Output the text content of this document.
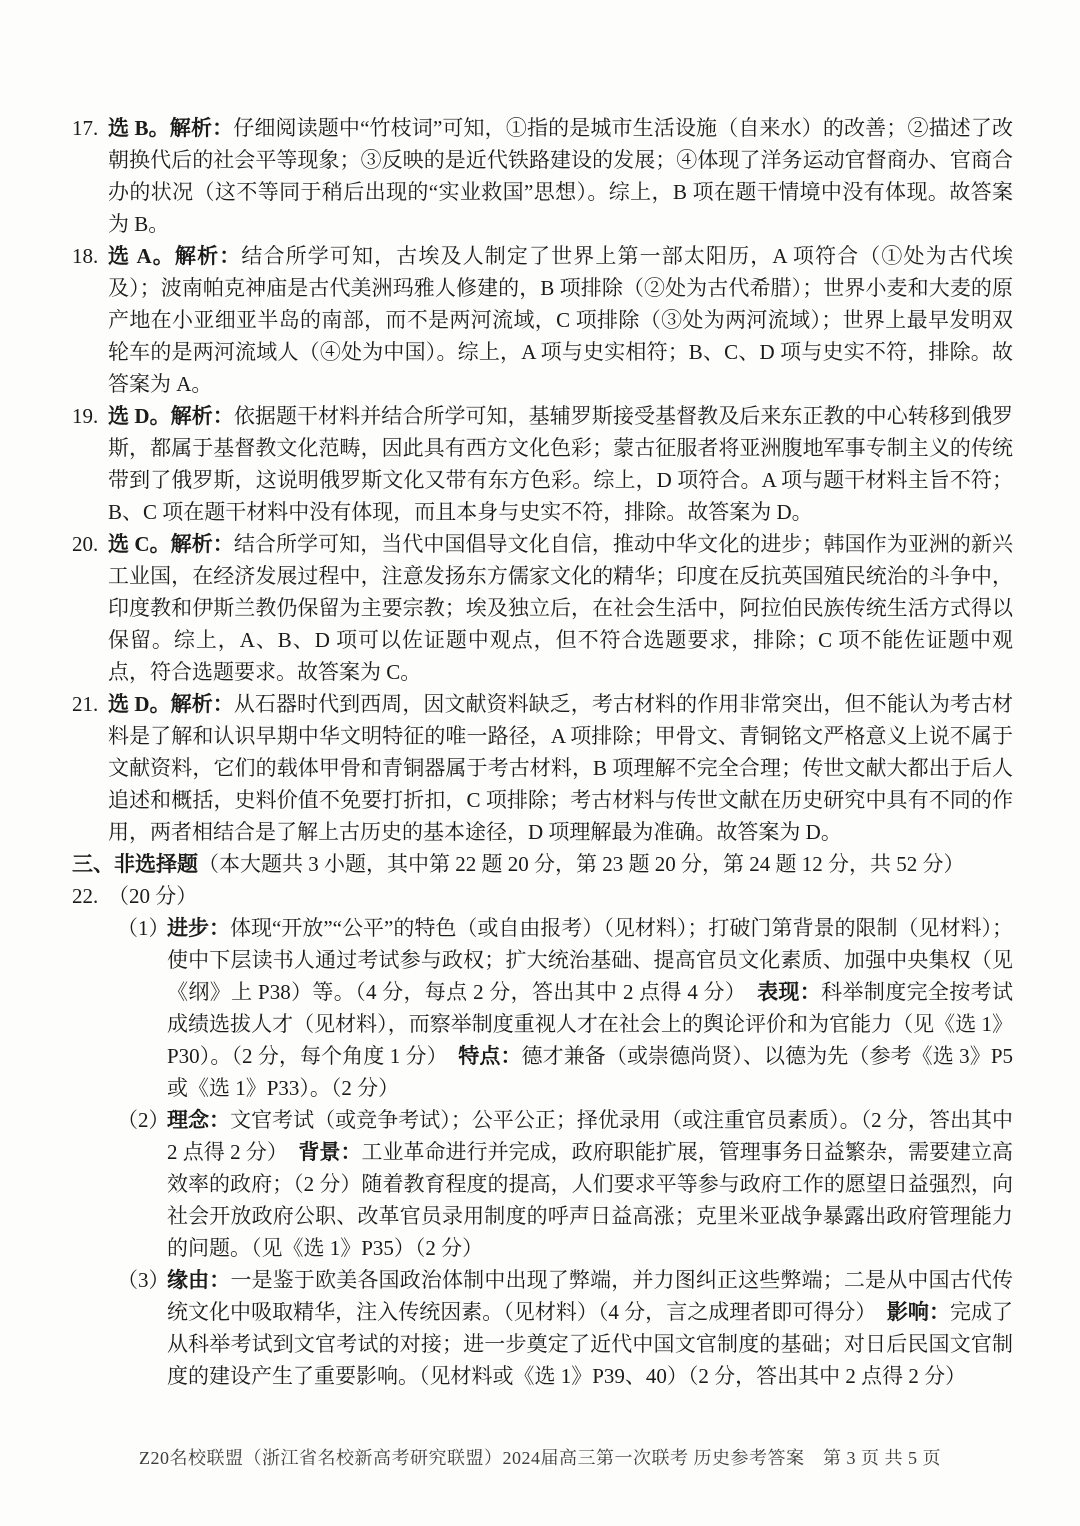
17. 选 B。解析：仔细阅读题中“竹枝词”可知，①指的是城市生活设施（自来水）的改善；②描述了改朝换代后的社会平等现象；③反映的是近代铁路建设的发展；④体现了洋务运动官督商办、官商合办的状况（这不等同于稍后出现的“实业救国”思想）。综上，B 项在题干情境中没有体现。故答案为 B。
18. 选 A。解析：结合所学可知，古埃及人制定了世界上第一部太阳历，A 项符合（①处为古代埃及）；波南帕克神庙是古代美洲玛雅人修建的，B 项排除（②处为古代希腊）；世界小麦和大麦的原产地在小亚细亚半岛的南部，而不是两河流域，C 项排除（③处为两河流域）；世界上最早发明双轮车的是两河流域人（④处为中国）。综上，A 项与史实相符；B、C、D 项与史实不符，排除。故答案为 A。
19. 选 D。解析：依据题干材料并结合所学可知，基辅罗斯接受基督教及后来东正教的中心转移到俄罗斯，都属于基督教文化范畴，因此具有西方文化色彩；蒙古征服者将亚洲腹地军事专制主义的传统带到了俄罗斯，这说明俄罗斯文化又带有东方色彩。综上，D 项符合。A 项与题干材料主旨不符；B、C 项在题干材料中没有体现，而且本身与史实不符，排除。故答案为 D。
20. 选 C。解析：结合所学可知，当代中国倡导文化自信，推动中华文化的进步；韩国作为亚洲的新兴工业国，在经济发展过程中，注意发扬东方儒家文化的精华；印度在反抗英国殖民统治的斗争中，印度教和伊斯兰教仍保留为主要宗教；埃及独立后，在社会生活中，阿拉伯民族传统生活方式得以保留。综上，A、B、D 项可以佐证题中观点，但不符合选题要求，排除；C 项不能佐证题中观点，符合选题要求。故答案为 C。
21. 选 D。解析：从石器时代到西周，因文献资料缺乏，考古材料的作用非常突出，但不能认为考古材料是了解和认识早期中华文明特征的唯一路径，A 项排除；甲骨文、青铜铭文严格意义上说不属于文献资料，它们的载体甲骨和青铜器属于考古材料，B 项理解不完全合理；传世文献大都出于后人追述和概括，史料价值不免要打折扣，C 项排除；考古材料与传世文献在历史研究中具有不同的作用，两者相结合是了解上古历史的基本途径，D 项理解最为准确。故答案为 D。
三、 非选择题（本大题共 3 小题，其中第 22 题 20 分，第 23 题 20 分，第 24 题 12 分，共 52 分）
22. （20 分）
（1）
进步：体现“开放”“公平”的特色（或自由报考）（见材料）；打破门第背景的限制（见材料）；使中下层读书人通过考试参与政权；扩大统治基础、提高官员文化素质、加强中央集权（见《纲》上 P38）等。（4 分，每点 2 分，答出其中 2 点得 4 分）　表现：科举制度完全按考试成绩选拔人才（见材料），而察举制度重视人才在社会上的舆论评价和为官能力（见《选 1》 P30）。（2 分，每个角度 1 分）　特点：德才兼备（或崇德尚贤）、以德为先（参考《选 3》P5 或《选 1》P33）。（2 分）
（2）
理念：文官考试（或竞争考试）；公平公正；择优录用（或注重官员素质）。（2 分，答出其中 2 点得 2 分）　背景：工业革命进行并完成，政府职能扩展，管理事务日益繁杂，需要建立高效率的政府；（2 分）随着教育程度的提高，人们要求平等参与政府工作的愿望日益强烈，向社会开放政府公职、改革官员录用制度的呼声日益高涨；克里米亚战争暴露出政府管理能力的问题。（见《选 1》P35）（2 分）
（3）
缘由：一是鉴于欧美各国政治体制中出现了弊端，并力图纠正这些弊端；二是从中国古代传统文化中吸取精华，注入传统因素。（见材料）（4 分，言之成理者即可得分）　影响：完成了从科举考试到文官考试的对接；进一步奠定了近代中国文官制度的基础；对日后民国文官制度的建设产生了重要影响。（见材料或《选 1》P39、40）（2 分，答出其中 2 点得 2 分）
Z20名校联盟（浙江省名校新高考研究联盟）2024届高三第一次联考 历史参考答案　第 3 页 共 5 页
